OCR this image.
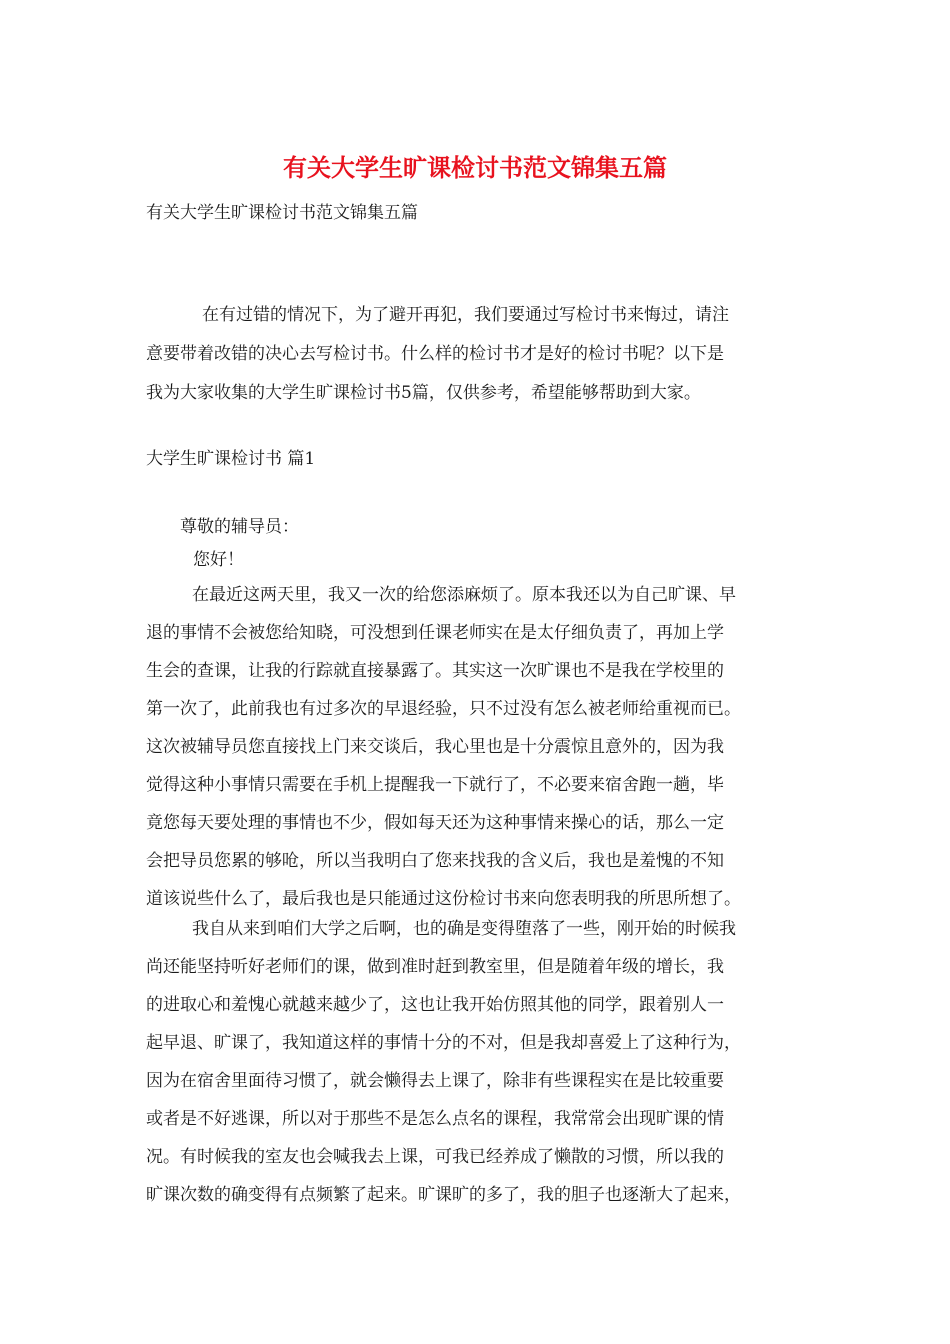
有关大学生旷课检讨书范文锦集五篇
有关大学生旷课检讨书范文锦集五篇
在有过错的情况下，为了避开再犯，我们要通过写检讨书来悔过，请注
意要带着改错的决心去写检讨书。什么样的检讨书才是好的检讨书呢？以下是
我为大家收集的大学生旷课检讨书5篇，仅供参考，希望能够帮助到大家。
大学生旷课检讨书 篇1
尊敬的辅导员：
您好！
在最近这两天里，我又一次的给您添麻烦了。原本我还以为自己旷课、早
退的事情不会被您给知晓，可没想到任课老师实在是太仔细负责了，再加上学
生会的查课，让我的行踪就直接暴露了。其实这一次旷课也不是我在学校里的
第一次了，此前我也有过多次的早退经验，只不过没有怎么被老师给重视而已。
这次被辅导员您直接找上门来交谈后，我心里也是十分震惊且意外的，因为我
觉得这种小事情只需要在手机上提醒我一下就行了，不必要来宿舍跑一趟，毕
竟您每天要处理的事情也不少，假如每天还为这种事情来操心的话，那么一定
会把导员您累的够呛，所以当我明白了您来找我的含义后，我也是羞愧的不知
道该说些什么了，最后我也是只能通过这份检讨书来向您表明我的所思所想了。
我自从来到咱们大学之后啊，也的确是变得堕落了一些，刚开始的时候我
尚还能坚持听好老师们的课，做到准时赶到教室里，但是随着年级的增长，我
的进取心和羞愧心就越来越少了，这也让我开始仿照其他的同学，跟着别人一
起早退、旷课了，我知道这样的事情十分的不对，但是我却喜爱上了这种行为，
因为在宿舍里面待习惯了，就会懒得去上课了，除非有些课程实在是比较重要
或者是不好逃课，所以对于那些不是怎么点名的课程，我常常会出现旷课的情
况。有时候我的室友也会喊我去上课，可我已经养成了懒散的习惯，所以我的
旷课次数的确变得有点频繁了起来。旷课旷的多了，我的胆子也逐渐大了起来，
